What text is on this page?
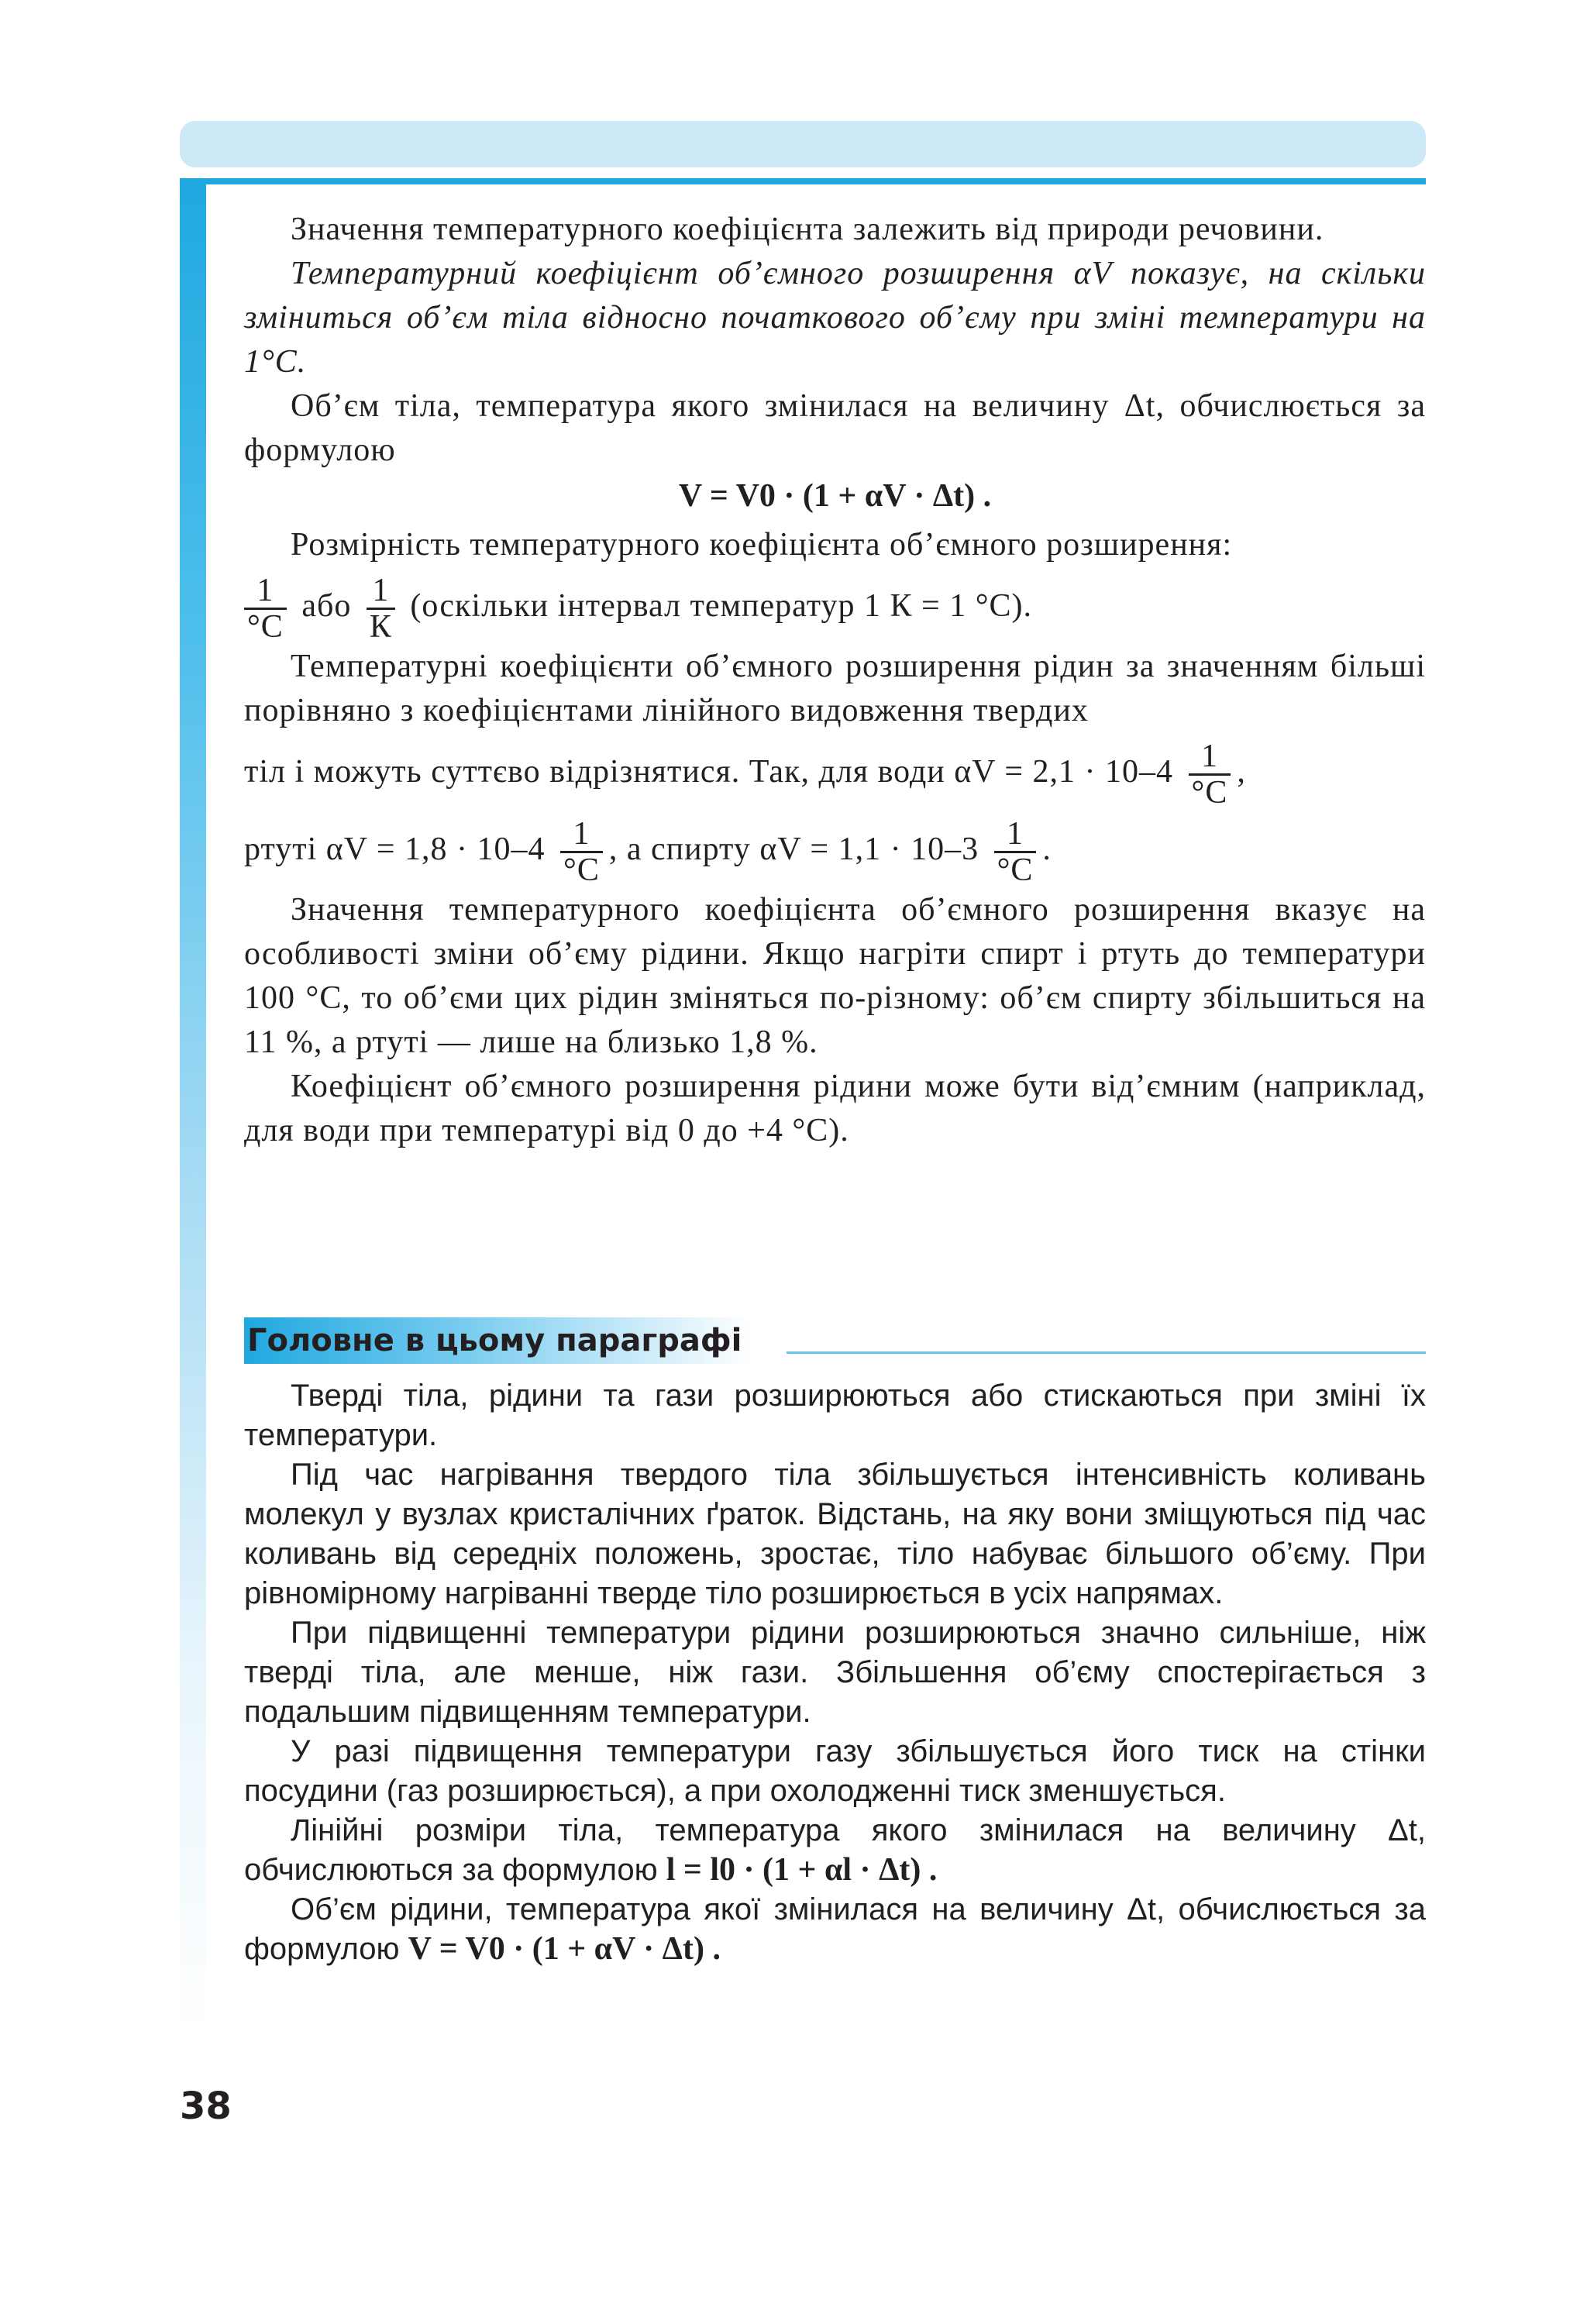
Значення температурного коефіцієнта залежить від природи речовини.

Температурний коефіцієнт об’ємного розширення αV показує, на скільки зміниться об’єм тіла відносно початкового об’єму при зміні температури на 1°С.

Об’єм тіла, температура якого змінилася на величину Δt, обчислюється за формулою

V = V0 · (1 + αV · Δt) .

Розмірність температурного коефіцієнта об’ємного розширення:

$\frac{1}{^\circ С}$ або $\frac{1}{К}$ (оскільки інтервал температур 1 К = 1 °С).

Температурні коефіцієнти об’ємного розширення рідин за значенням більші порівняно з коефіцієнтами лінійного видовження твердих

тіл і можуть суттєво відрізнятися. Так, для води $\alpha V = 2,1 \cdot 10-4 \frac{1}{^\circ С}$ ,
ртуті $\alpha V = 1,8 \cdot 10-4 \frac{1}{^\circ С}$ , а спирту $\alpha V = 1,1 \cdot 10-3 \frac{1}{^\circ С}$ .

Значення температурного коефіцієнта об’ємного розширення вказує на особливості зміни об’єму рідини. Якщо нагріти спирт і ртуть до температури 100 °С, то об’єми цих рідин зміняться по-різному: об’єм спирту збільшиться на 11 %, а ртуті — лише на близько 1,8 %.

Коефіцієнт об’ємного розширення рідини може бути від’ємним (наприклад, для води при температурі від 0 до +4 °С).

Головне в цьому параграфі

Тверді тіла, рідини та гази розширюються або стискаються при зміні їх температури.

Під час нагрівання твердого тіла збільшується інтенсивність коливань молекул у вузлах кристалічних ґраток. Відстань, на яку вони зміщуються під час коливань від середніх положень, зростає, тіло набуває більшого об’єму. При рівномірному нагріванні тверде тіло розширюється в усіх напрямах.

При підвищенні температури рідини розширюються значно сильніше, ніж тверді тіла, але менше, ніж гази. Збільшення об’єму спостерігається з подальшим підвищенням температури.

У разі підвищення температури газу збільшується його тиск на стінки посудини (газ розширюється), а при охолодженні тиск зменшується.

Лінійні розміри тіла, температура якого змінилася на величину Δt, обчислюються за формулою l = l0 · (1 + αl · Δt) .

Об’єм рідини, температура якої змінилася на величину Δt, обчислюється за формулою V = V0 · (1 + αV · Δt) .

38
